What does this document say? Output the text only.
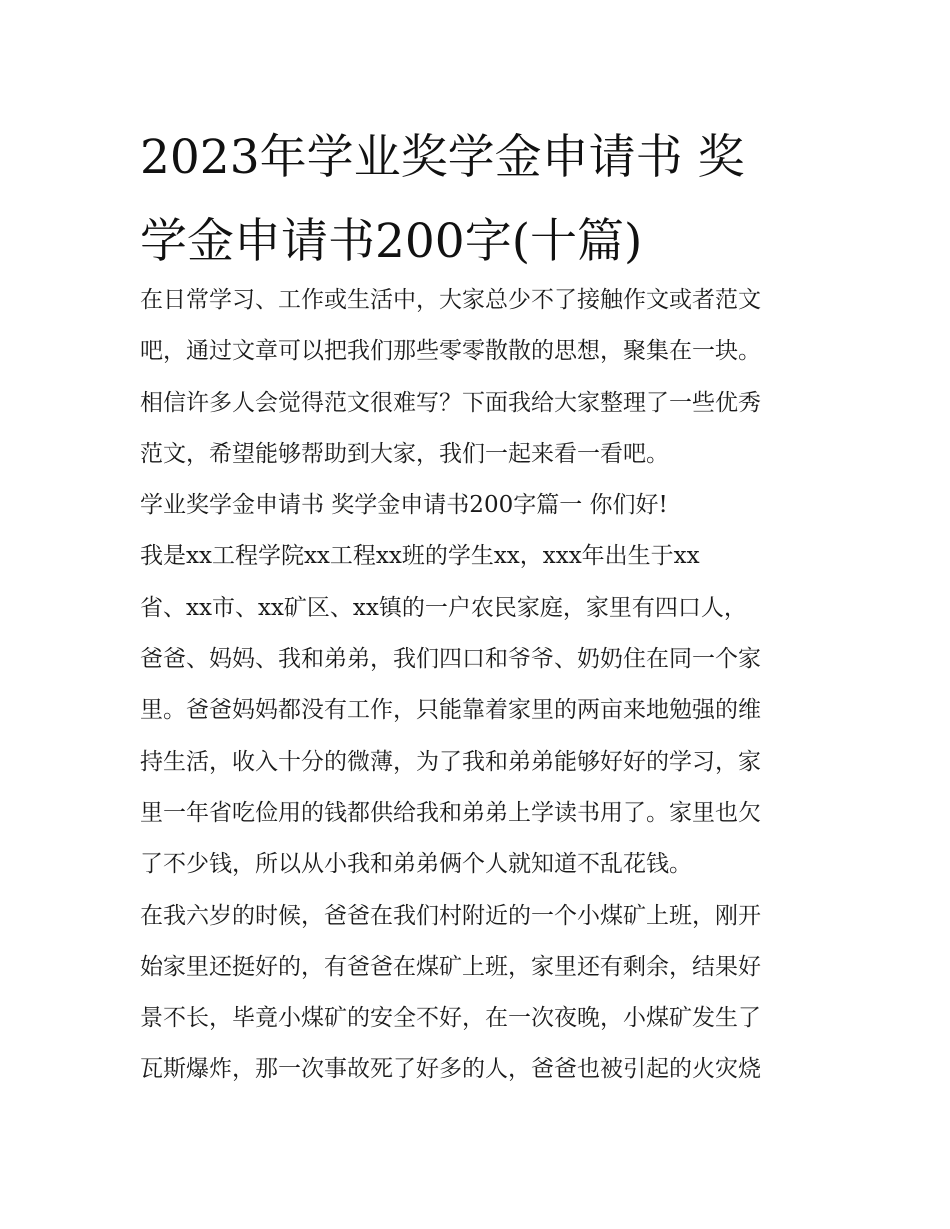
2023年学业奖学金申请书 奖
学金申请书200字(十篇)
在日常学习、工作或生活中，大家总少不了接触作文或者范文
吧，通过文章可以把我们那些零零散散的思想，聚集在一块。
相信许多人会觉得范文很难写？下面我给大家整理了一些优秀
范文，希望能够帮助到大家，我们一起来看一看吧。
学业奖学金申请书 奖学金申请书200字篇一 你们好!
我是xx工程学院xx工程xx班的学生xx，xxx年出生于xx
省、xx市、xx矿区、xx镇的一户农民家庭，家里有四口人，
爸爸、妈妈、我和弟弟，我们四口和爷爷、奶奶住在同一个家
里。爸爸妈妈都没有工作，只能靠着家里的两亩来地勉强的维
持生活，收入十分的微薄，为了我和弟弟能够好好的学习，家
里一年省吃俭用的钱都供给我和弟弟上学读书用了。家里也欠
了不少钱，所以从小我和弟弟俩个人就知道不乱花钱。
在我六岁的时候，爸爸在我们村附近的一个小煤矿上班，刚开
始家里还挺好的，有爸爸在煤矿上班，家里还有剩余，结果好
景不长，毕竟小煤矿的安全不好，在一次夜晚，小煤矿发生了
瓦斯爆炸，那一次事故死了好多的人，爸爸也被引起的火灾烧
